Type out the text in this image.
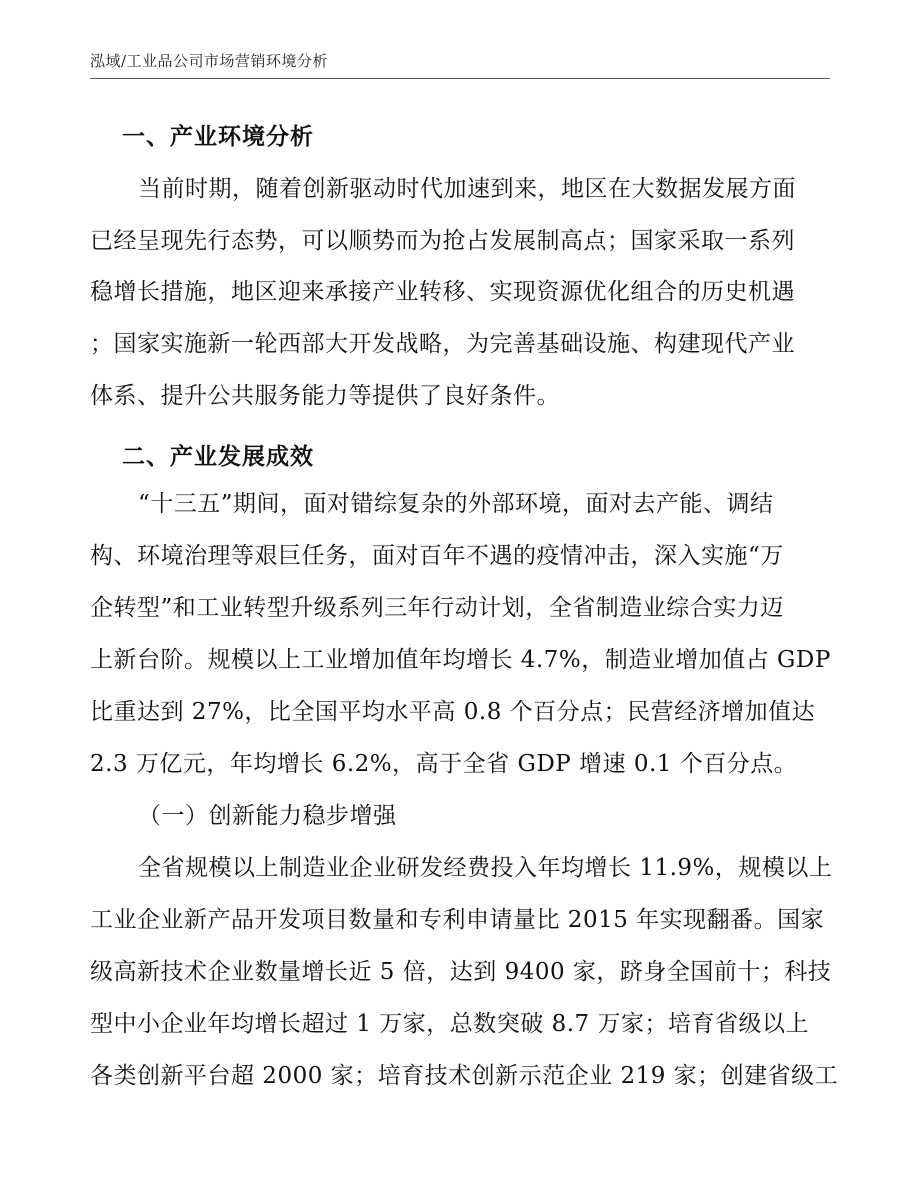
泓域/工业品公司市场营销环境分析
一、产业环境分析
当前时期，随着创新驱动时代加速到来，地区在大数据发展方面
已经呈现先行态势，可以顺势而为抢占发展制高点；国家采取一系列
稳增长措施，地区迎来承接产业转移、实现资源优化组合的历史机遇
；国家实施新一轮西部大开发战略，为完善基础设施、构建现代产业
体系、提升公共服务能力等提供了良好条件。
二、产业发展成效
“十三五”期间，面对错综复杂的外部环境，面对去产能、调结
构、环境治理等艰巨任务，面对百年不遇的疫情冲击，深入实施“万
企转型”和工业转型升级系列三年行动计划，全省制造业综合实力迈
上新台阶。规模以上工业增加值年均增长 4.7%，制造业增加值占 GDP
比重达到 27%，比全国平均水平高 0.8 个百分点；民营经济增加值达
2.3 万亿元，年均增长 6.2%，高于全省 GDP 增速 0.1 个百分点。
（一）创新能力稳步增强
全省规模以上制造业企业研发经费投入年均增长 11.9%，规模以上
工业企业新产品开发项目数量和专利申请量比 2015 年实现翻番。国家
级高新技术企业数量增长近 5 倍，达到 9400 家，跻身全国前十；科技
型中小企业年均增长超过 1 万家，总数突破 8.7 万家；培育省级以上
各类创新平台超 2000 家；培育技术创新示范企业 219 家；创建省级工
